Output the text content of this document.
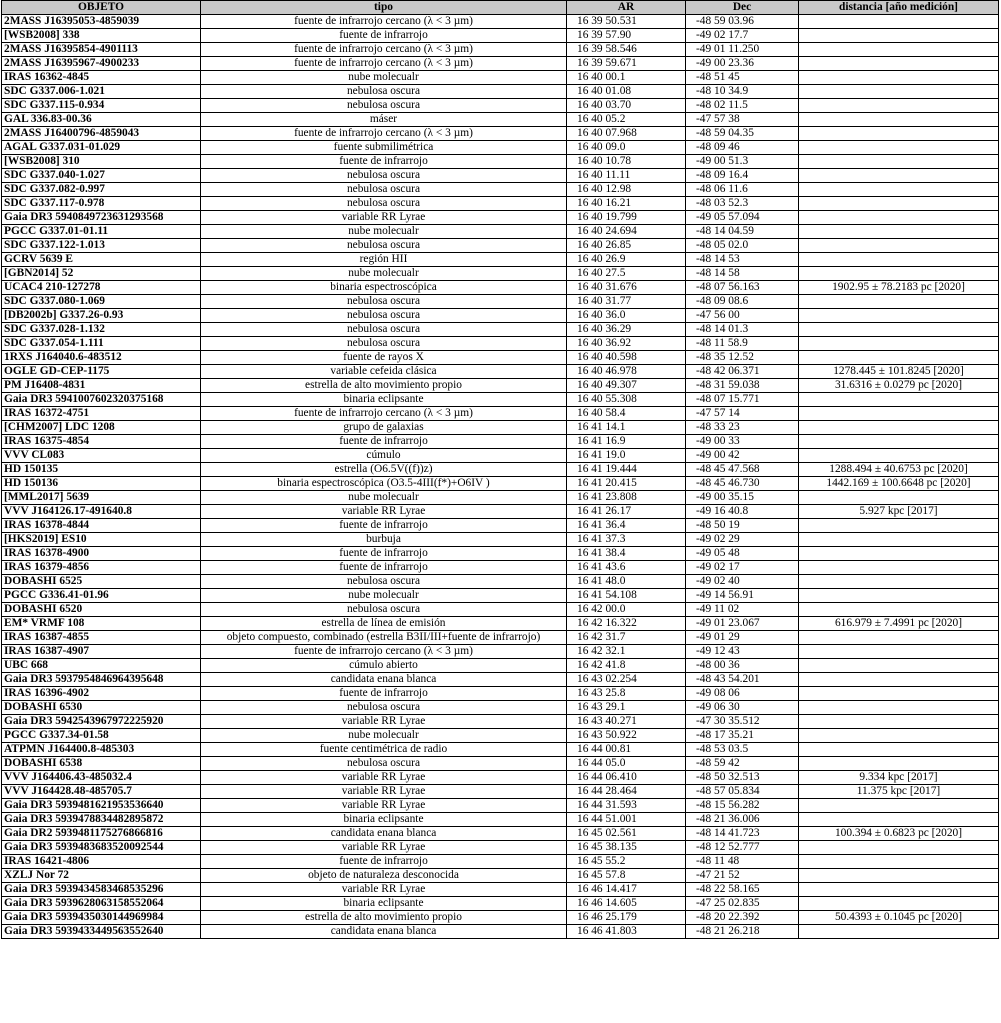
OBJETO	tipo	AR	Dec	distancia [año medición]
2MASS J16395053-4859039	fuente de infrarrojo cercano (λ < 3 µm)	16 39 50.531	-48 59 03.96	
[WSB2008] 338	fuente de infrarrojo	16 39 57.90	-49 02 17.7	
2MASS J16395854-4901113	fuente de infrarrojo cercano (λ < 3 µm)	16 39 58.546	-49 01 11.250	
2MASS J16395967-4900233	fuente de infrarrojo cercano (λ < 3 µm)	16 39 59.671	-49 00 23.36	
IRAS 16362-4845	nube molecualr	16 40 00.1	-48 51 45	
SDC G337.006-1.021	nebulosa oscura	16 40 01.08	-48 10 34.9	
SDC G337.115-0.934	nebulosa oscura	16 40 03.70	-48 02 11.5	
GAL 336.83-00.36	máser	16 40 05.2	-47 57 38	
2MASS J16400796-4859043	fuente de infrarrojo cercano (λ < 3 µm)	16 40 07.968	-48 59 04.35	
AGAL G337.031-01.029	fuente submilimétrica	16 40 09.0	-48 09 46	
[WSB2008] 310	fuente de infrarrojo	16 40 10.78	-49 00 51.3	
SDC G337.040-1.027	nebulosa oscura	16 40 11.11	-48 09 16.4	
SDC G337.082-0.997	nebulosa oscura	16 40 12.98	-48 06 11.6	
SDC G337.117-0.978	nebulosa oscura	16 40 16.21	-48 03 52.3	
Gaia DR3 5940849723631293568	variable RR Lyrae	16 40 19.799	-49 05 57.094	
PGCC G337.01-01.11	nube molecualr	16 40 24.694	-48 14 04.59	
SDC G337.122-1.013	nebulosa oscura	16 40 26.85	-48 05 02.0	
GCRV 5639 E	región HII	16 40 26.9	-48 14 53	
[GBN2014] 52	nube molecualr	16 40 27.5	-48 14 58	
UCAC4 210-127278	binaria espectroscópica	16 40 31.676	-48 07 56.163	1902.95 ± 78.2183 pc [2020]
SDC G337.080-1.069	nebulosa oscura	16 40 31.77	-48 09 08.6	
[DB2002b] G337.26-0.93	nebulosa oscura	16 40 36.0	-47 56 00	
SDC G337.028-1.132	nebulosa oscura	16 40 36.29	-48 14 01.3	
SDC G337.054-1.111	nebulosa oscura	16 40 36.92	-48 11 58.9	
1RXS J164040.6-483512	fuente de rayos X	16 40 40.598	-48 35 12.52	
OGLE GD-CEP-1175	variable cefeida clásica	16 40 46.978	-48 42 06.371	1278.445 ± 101.8245 [2020]
PM J16408-4831	estrella de alto movimiento propio	16 40 49.307	-48 31 59.038	31.6316 ± 0.0279 pc [2020]
Gaia DR3 5941007602320375168	binaria eclipsante	16 40 55.308	-48 07 15.771	
IRAS 16372-4751	fuente de infrarrojo cercano (λ < 3 µm)	16 40 58.4	-47 57 14	
[CHM2007] LDC 1208	grupo de galaxias	16 41 14.1	-48 33 23	
IRAS 16375-4854	fuente de infrarrojo	16 41 16.9	-49 00 33	
VVV CL083	cúmulo	16 41 19.0	-49 00 42	
HD 150135	estrella (O6.5V((f))z)	16 41 19.444	-48 45 47.568	1288.494 ± 40.6753 pc [2020]
HD 150136	binaria espectroscópica (O3.5-4III(f*)+O6IV )	16 41 20.415	-48 45 46.730	1442.169 ± 100.6648 pc [2020]
[MML2017] 5639	nube molecualr	16 41 23.808	-49 00 35.15	
VVV J164126.17-491640.8	variable RR Lyrae	16 41 26.17	-49 16 40.8	5.927 kpc [2017]
IRAS 16378-4844	fuente de infrarrojo	16 41 36.4	-48 50 19	
[HKS2019] ES10	burbuja	16 41 37.3	-49 02 29	
IRAS 16378-4900	fuente de infrarrojo	16 41 38.4	-49 05 48	
IRAS 16379-4856	fuente de infrarrojo	16 41 43.6	-49 02 17	
DOBASHI 6525	nebulosa oscura	16 41 48.0	-49 02 40	
PGCC G336.41-01.96	nube molecualr	16 41 54.108	-49 14 56.91	
DOBASHI 6520	nebulosa oscura	16 42 00.0	-49 11 02	
EM* VRMF 108	estrella de línea de emisión	16 42 16.322	-49 01 23.067	616.979 ± 7.4991 pc [2020]
IRAS 16387-4855	objeto compuesto, combinado (estrella B3II/III+fuente de infrarrojo)	16 42 31.7	-49 01 29	
IRAS 16387-4907	fuente de infrarrojo cercano (λ < 3 µm)	16 42 32.1	-49 12 43	
UBC 668	cúmulo abierto	16 42 41.8	-48 00 36	
Gaia DR3 5937954846964395648	candidata enana blanca	16 43 02.254	-48 43 54.201	
IRAS 16396-4902	fuente de infrarrojo	16 43 25.8	-49 08 06	
DOBASHI 6530	nebulosa oscura	16 43 29.1	-49 06 30	
Gaia DR3 5942543967972225920	variable RR Lyrae	16 43 40.271	-47 30 35.512	
PGCC G337.34-01.58	nube molecualr	16 43 50.922	-48 17 35.21	
ATPMN J164400.8-485303	fuente centimétrica de radio	16 44 00.81	-48 53 03.5	
DOBASHI 6538	nebulosa oscura	16 44 05.0	-48 59 42	
VVV J164406.43-485032.4	variable RR Lyrae	16 44 06.410	-48 50 32.513	9.334 kpc [2017]
VVV J164428.48-485705.7	variable RR Lyrae	16 44 28.464	-48 57 05.834	11.375 kpc [2017]
Gaia DR3 5939481621953536640	variable RR Lyrae	16 44 31.593	-48 15 56.282	
Gaia DR3 5939478834482895872	binaria eclipsante	16 44 51.001	-48 21 36.006	
Gaia DR2 5939481175276866816	candidata enana blanca	16 45 02.561	-48 14 41.723	100.394 ± 0.6823 pc [2020]
Gaia DR3 5939483683520092544	variable RR Lyrae	16 45 38.135	-48 12 52.777	
IRAS 16421-4806	fuente de infrarrojo	16 45 55.2	-48 11 48	
XZLJ Nor 72	objeto de naturaleza desconocida	16 45 57.8	-47 21 52	
Gaia DR3 5939434583468535296	variable RR Lyrae	16 46 14.417	-48 22 58.165	
Gaia DR3 5939628063158552064	binaria eclipsante	16 46 14.605	-47 25 02.835	
Gaia DR3 5939435030144969984	estrella de alto movimiento propio	16 46 25.179	-48 20 22.392	50.4393 ± 0.1045 pc [2020]
Gaia DR3 5939433449563552640	candidata enana blanca	16 46 41.803	-48 21 26.218	
